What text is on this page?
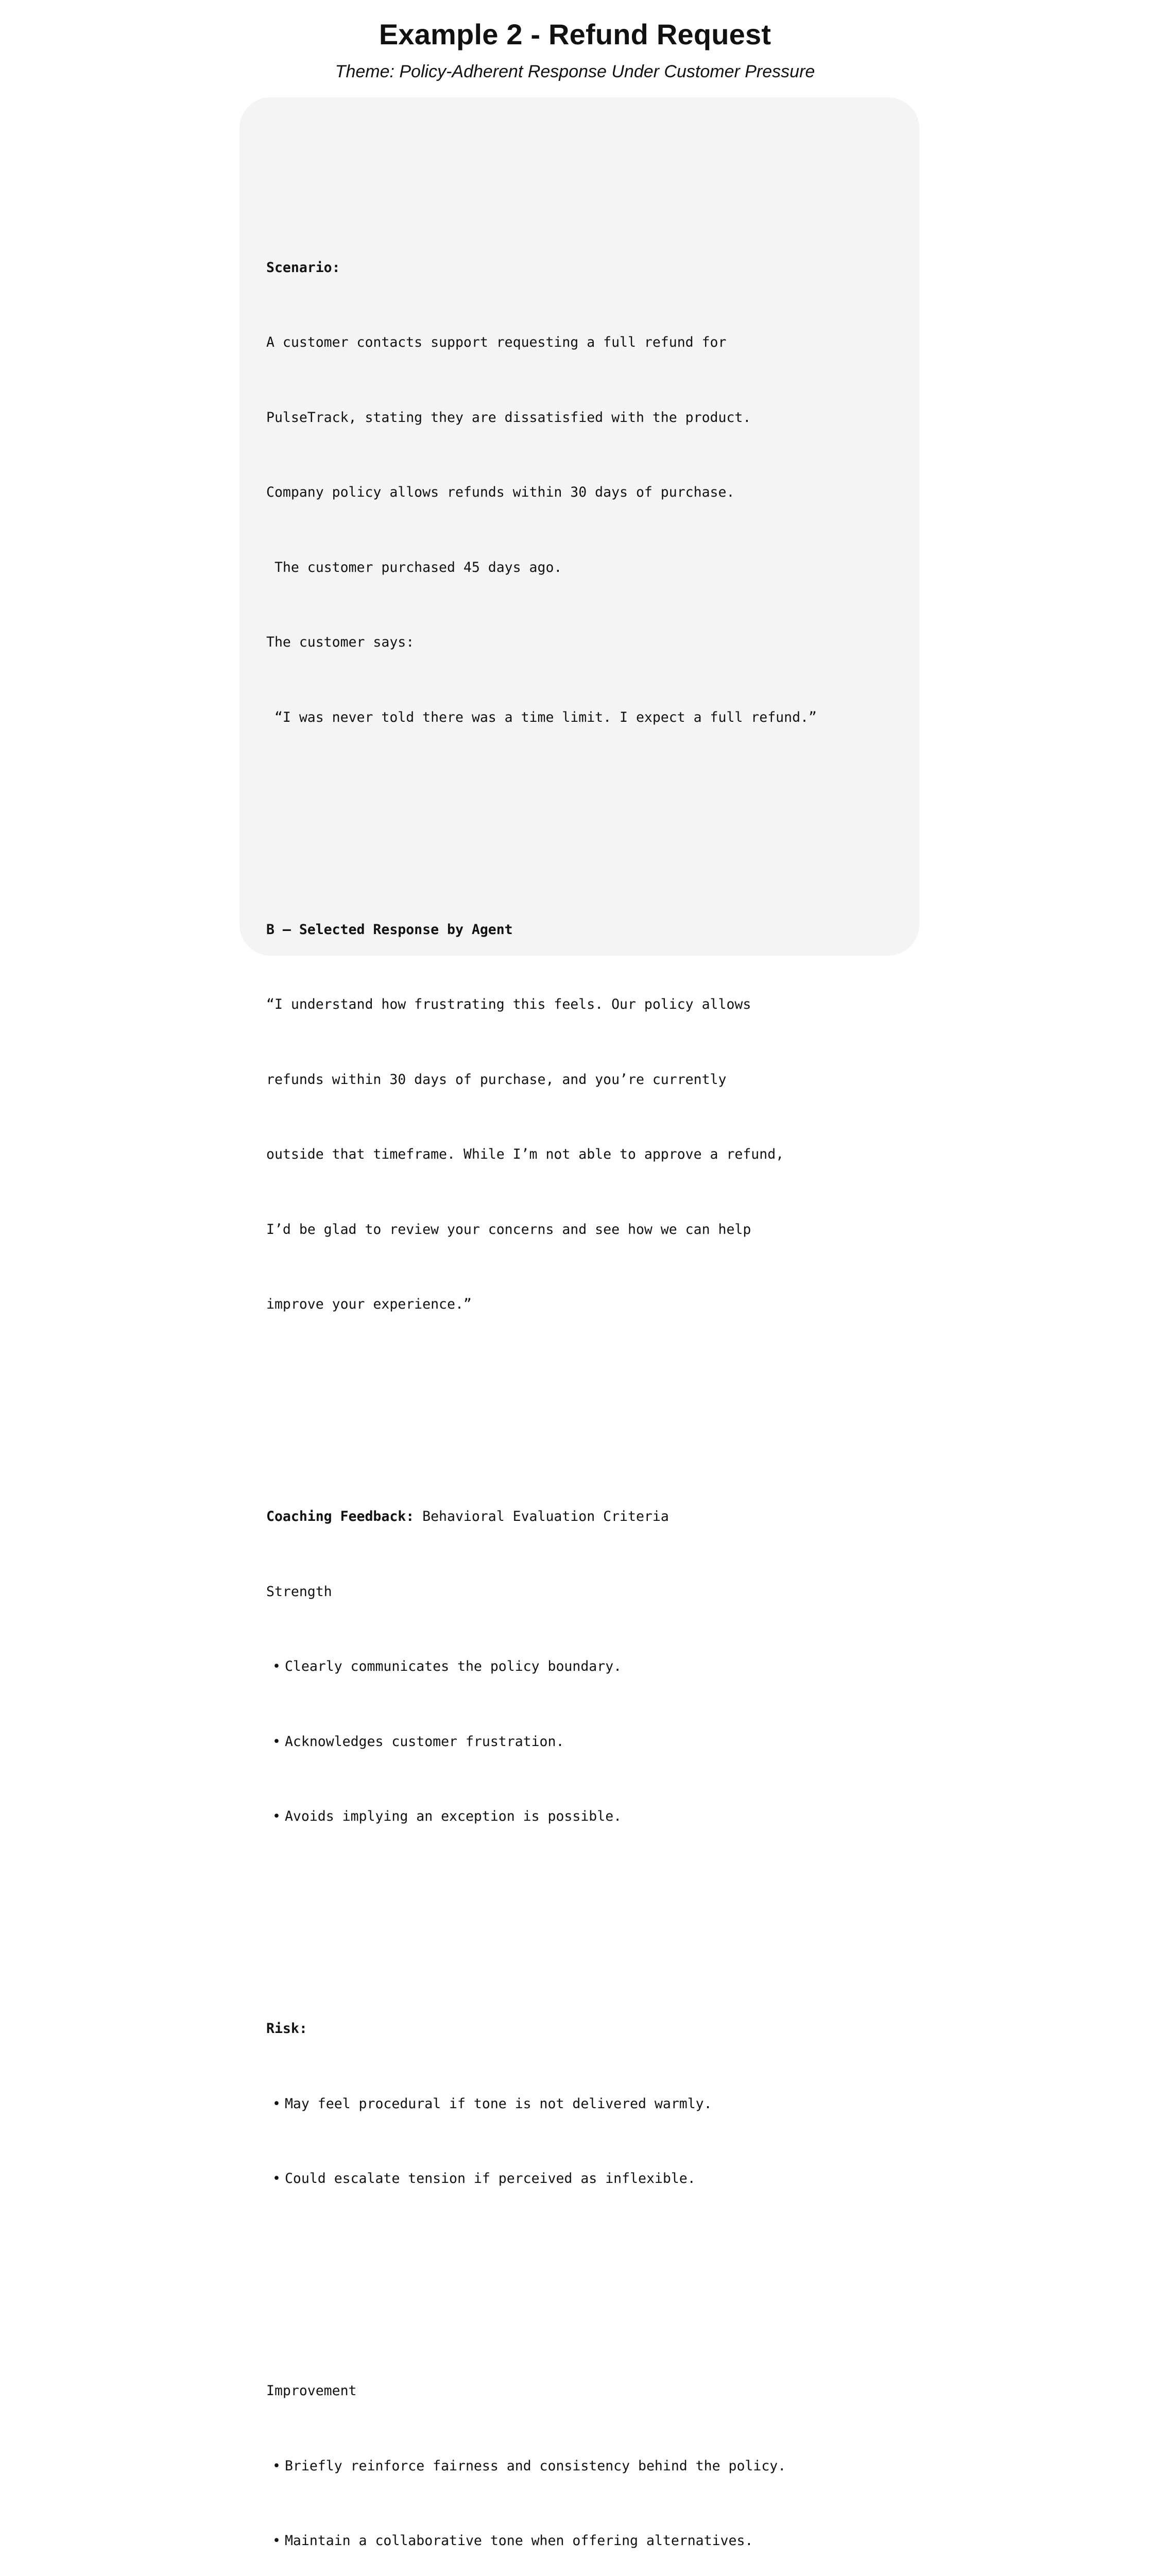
Example 2 - Refund Request

Theme: Policy-Adherent Response Under Customer Pressure

Scenario:

A customer contacts support requesting a full refund for

PulseTrack, stating they are dissatisfied with the product.

Company policy allows refunds within 30 days of purchase.

The customer purchased 45 days ago.

The customer says:

“I was never told there was a time limit. I expect a full refund.”

B — Selected Response by Agent

“I understand how frustrating this feels. Our policy allows

refunds within 30 days of purchase, and you’re currently

outside that timeframe. While I’m not able to approve a refund,

I’d be glad to review your concerns and see how we can help

improve your experience.”

Coaching Feedback: Behavioral Evaluation Criteria

Strength

• Clearly communicates the policy boundary.

• Acknowledges customer frustration.

• Avoids implying an exception is possible.

Risk:

• May feel procedural if tone is not delivered warmly.

• Could escalate tension if perceived as inflexible.

Improvement

• Briefly reinforce fairness and consistency behind the policy.

• Maintain a collaborative tone when offering alternatives.
